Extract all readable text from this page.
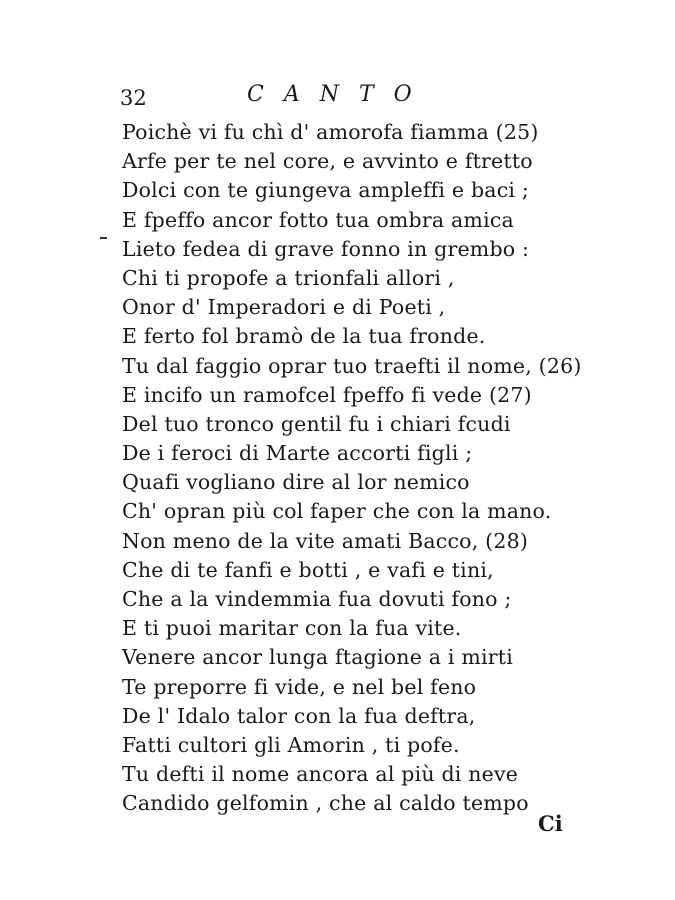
32	CANTO
Poichè vi fu chì d' amorofa fiamma (25)
Arfe per te nel core, e avvinto e ftretto
Dolci con te giungeva ampleffi e baci ;
E fpeffo ancor fotto tua ombra amica
Lieto fedea di grave fonno in grembo :
Chi ti propofe a trionfali allori ,
Onor d' Imperadori e di Poeti ,
E ferto fol bramò de la tua fronde.
Tu dal faggio oprar tuo traefti il nome, (26)
E incifo un ramofcel fpeffo fi vede (27)
Del tuo tronco gentil fu i chiari fcudi
De i feroci di Marte accorti figli ;
Quafi vogliano dire al lor nemico
Ch' opran più col faper che con la mano.
Non meno de la vite amati Bacco, (28)
Che di te fanfi e botti , e vafi e tini,
Che a la vindemmia fua dovuti fono ;
E ti puoi maritar con la fua vite.
Venere ancor lunga ftagione a i mirti
Te preporre fi vide, e nel bel feno
De l' Idalo talor con la fua deftra,
Fatti cultori gli Amorin , ti pofe.
Tu defti il nome ancora al più di neve
Candido gelfomin , che al caldo tempo
Ci
